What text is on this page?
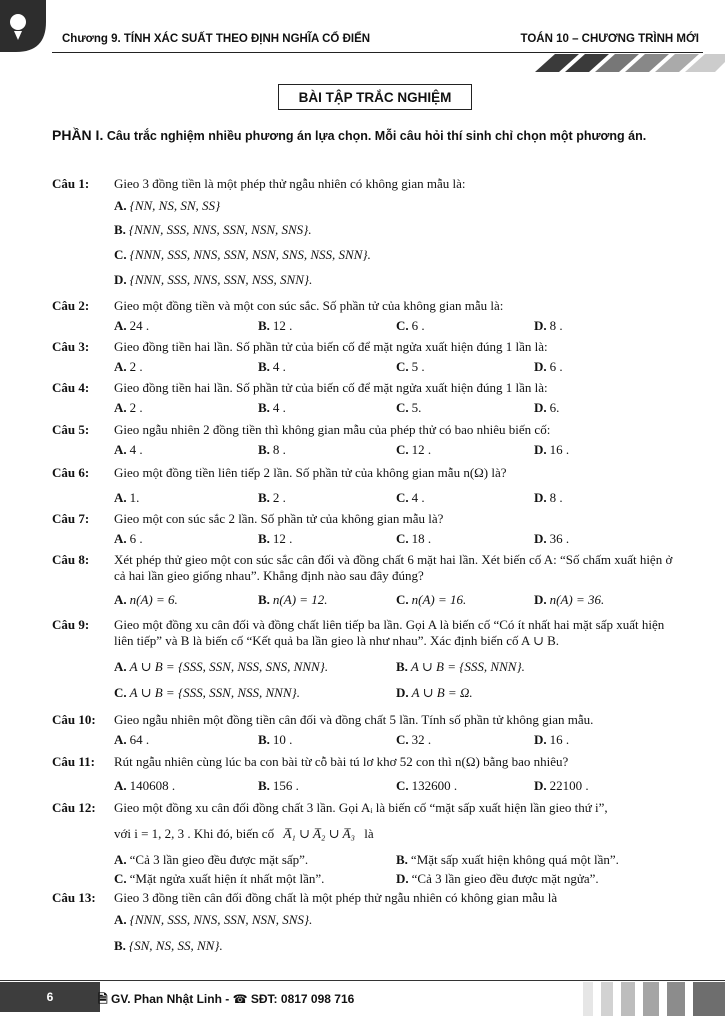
Chương 9. TÍNH XÁC SUẤT THEO ĐỊNH NGHĨA CỔ ĐIỂN	TOÁN 10 – CHƯƠNG TRÌNH MỚI
BÀI TẬP TRẮC NGHIỆM
PHẦN I. Câu trắc nghiệm nhiều phương án lựa chọn. Mỗi câu hỏi thí sinh chỉ chọn một phương án.
Câu 1: Gieo 3 đồng tiền là một phép thử ngẫu nhiên có không gian mẫu là:
A. {NN, NS, SN, SS}
B. {NNN, SSS, NNS, SSN, NSN, SNS}.
C. {NNN, SSS, NNS, SSN, NSN, SNS, NSS, SNN}.
D. {NNN, SSS, NNS, SSN, NSS, SNN}.
Câu 2: Gieo một đồng tiền và một con súc sắc. Số phần tử của không gian mẫu là:
A. 24 .	B. 12 .	C. 6 .	D. 8 .
Câu 3: Gieo đồng tiền hai lần. Số phần tử của biến cố để mặt ngửa xuất hiện đúng 1 lần là:
A. 2 .	B. 4 .	C. 5 .	D. 6 .
Câu 4: Gieo đồng tiền hai lần. Số phần tử của biến cố để mặt ngửa xuất hiện đúng 1 lần là:
A. 2 .	B. 4 .	C. 5.	D. 6.
Câu 5: Gieo ngẫu nhiên 2 đồng tiền thì không gian mẫu của phép thử có bao nhiêu biến cố:
A. 4 .	B. 8 .	C. 12 .	D. 16 .
Câu 6: Gieo một đồng tiền liên tiếp 2 lần. Số phần tử của không gian mẫu n(Ω) là?
A. 1.	B. 2 .	C. 4 .	D. 8 .
Câu 7: Gieo một con súc sắc 2 lần. Số phần tử của không gian mẫu là?
A. 6 .	B. 12 .	C. 18 .	D. 36 .
Câu 8: Xét phép thử gieo một con súc sắc cân đối và đồng chất 6 mặt hai lần. Xét biến cố A: “Số chấm xuất hiện ở cả hai lần gieo giống nhau”. Khẳng định nào sau đây đúng?
A. n(A) = 6.	B. n(A) = 12.	C. n(A) = 16.	D. n(A) = 36.
Câu 9: Gieo một đồng xu cân đối và đồng chất liên tiếp ba lần. Gọi A là biến cố “Có ít nhất hai mặt sấp xuất hiện liên tiếp” và B là biến cố “Kết quả ba lần gieo là như nhau”. Xác định biến cố A ∪ B.
A. A ∪ B = {SSS, SSN, NSS, SNS, NNN}.	B. A ∪ B = {SSS, NNN}.
C. A ∪ B = {SSS, SSN, NSS, NNN}.	D. A ∪ B = Ω.
Câu 10: Gieo ngẫu nhiên một đồng tiền cân đối và đồng chất 5 lần. Tính số phần tử không gian mẫu.
A. 64 .	B. 10 .	C. 32 .	D. 16 .
Câu 11: Rút ngẫu nhiên cùng lúc ba con bài từ cỗ bài tú lơ khơ 52 con thì n(Ω) bằng bao nhiêu?
A. 140608 .	B. 156 .	C. 132600 .	D. 22100 .
Câu 12: Gieo một đồng xu cân đối đồng chất 3 lần. Gọi Aᵢ là biến cố “mặt sấp xuất hiện lần gieo thứ i”,
với i = 1, 2, 3 . Khi đó, biến cố A̅₁ ∪ A̅₂ ∪ A̅₃ là
A. “Cả 3 lần gieo đều được mặt sấp”.	B. “Mặt sấp xuất hiện không quá một lần”.
C. “Mặt ngửa xuất hiện ít nhất một lần”.	D. “Cả 3 lần gieo đều được mặt ngửa”.
Câu 13: Gieo 3 đồng tiền cân đối đồng chất là một phép thử ngẫu nhiên có không gian mẫu là
A. {NNN, SSS, NNS, SSN, NSN, SNS}.
B. {SN, NS, SS, NN}.
6	🗎 GV. Phan Nhật Linh - ☎ SĐT: 0817 098 716
